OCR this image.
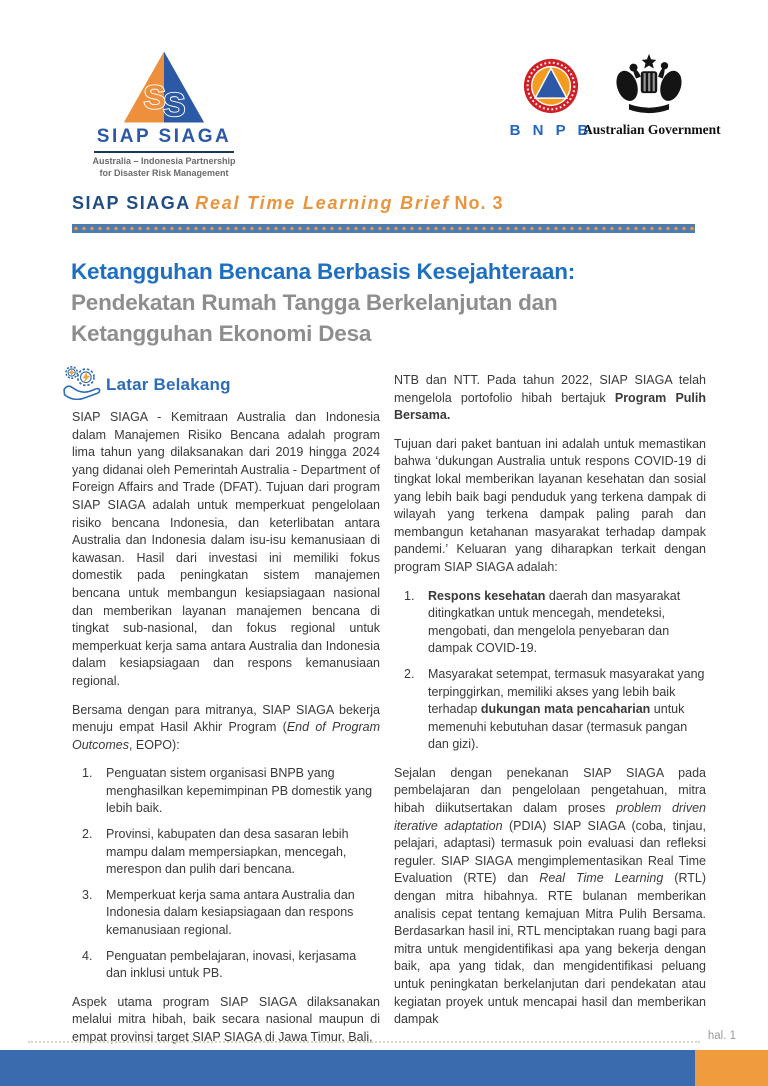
S
S
SIAP SIAGA
Australia – Indonesia Partnership
for Disaster Risk Management
B N P B
Australian Government
SIAP SIAGA Real Time Learning Brief No. 3
Ketangguhan Bencana Berbasis Kesejahteraan:
Pendekatan Rumah Tangga Berkelanjutan dan
Ketangguhan Ekonomi Desa
Latar Belakang

SIAP SIAGA - Kemitraan Australia dan Indonesia dalam Manajemen Risiko Bencana adalah program lima tahun yang dilaksanakan dari 2019 hingga 2024 yang didanai oleh Pemerintah Australia - Department of Foreign Affairs and Trade (DFAT). Tujuan dari program SIAP SIAGA adalah untuk memperkuat pengelolaan risiko bencana Indonesia, dan keterlibatan antara Australia dan Indonesia dalam isu-isu kemanusiaan di kawasan. Hasil dari investasi ini memiliki fokus domestik pada peningkatan sistem manajemen bencana untuk membangun kesiapsiagaan nasional dan memberikan layanan manajemen bencana di tingkat sub-nasional, dan fokus regional untuk memperkuat kerja sama antara Australia dan Indonesia dalam kesiapsiagaan dan respons kemanusiaan regional.

Bersama dengan para mitranya, SIAP SIAGA bekerja menuju empat Hasil Akhir Program (End of Program Outcomes, EOPO):

1. Penguatan sistem organisasi BNPB yang menghasilkan kepemimpinan PB domestik yang lebih baik.
2. Provinsi, kabupaten dan desa sasaran lebih mampu dalam mempersiapkan, mencegah, merespon dan pulih dari bencana.
3. Memperkuat kerja sama antara Australia dan Indonesia dalam kesiapsiagaan dan respons kemanusiaan regional.
4. Penguatan pembelajaran, inovasi, kerjasama dan inklusi untuk PB.

Aspek utama program SIAP SIAGA dilaksanakan melalui mitra hibah, baik secara nasional maupun di empat provinsi target SIAP SIAGA di Jawa Timur, Bali,

NTB dan NTT. Pada tahun 2022, SIAP SIAGA telah mengelola portofolio hibah bertajuk Program Pulih Bersama.

Tujuan dari paket bantuan ini adalah untuk memastikan bahwa ‘dukungan Australia untuk respons COVID-19 di tingkat lokal memberikan layanan kesehatan dan sosial yang lebih baik bagi penduduk yang terkena dampak di wilayah yang terkena dampak paling parah dan membangun ketahanan masyarakat terhadap dampak pandemi.’ Keluaran yang diharapkan terkait dengan program SIAP SIAGA adalah:

1. Respons kesehatan daerah dan masyarakat ditingkatkan untuk mencegah, mendeteksi, mengobati, dan mengelola penyebaran dan dampak COVID-19.
2. Masyarakat setempat, termasuk masyarakat yang terpinggirkan, memiliki akses yang lebih baik terhadap dukungan mata pencaharian untuk memenuhi kebutuhan dasar (termasuk pangan dan gizi).

Sejalan dengan penekanan SIAP SIAGA pada pembelajaran dan pengelolaan pengetahuan, mitra hibah diikutsertakan dalam proses problem driven iterative adaptation (PDIA) SIAP SIAGA (coba, tinjau, pelajari, adaptasi) termasuk poin evaluasi dan refleksi reguler. SIAP SIAGA mengimplementasikan Real Time Evaluation (RTE) dan Real Time Learning (RTL) dengan mitra hibahnya. RTE bulanan memberikan analisis cepat tentang kemajuan Mitra Pulih Bersama. Berdasarkan hasil ini, RTL menciptakan ruang bagi para mitra untuk mengidentifikasi apa yang bekerja dengan baik, apa yang tidak, dan mengidentifikasi peluang untuk peningkatan berkelanjutan dari pendekatan atau kegiatan proyek untuk mencapai hasil dan memberikan dampak

hal. 1
